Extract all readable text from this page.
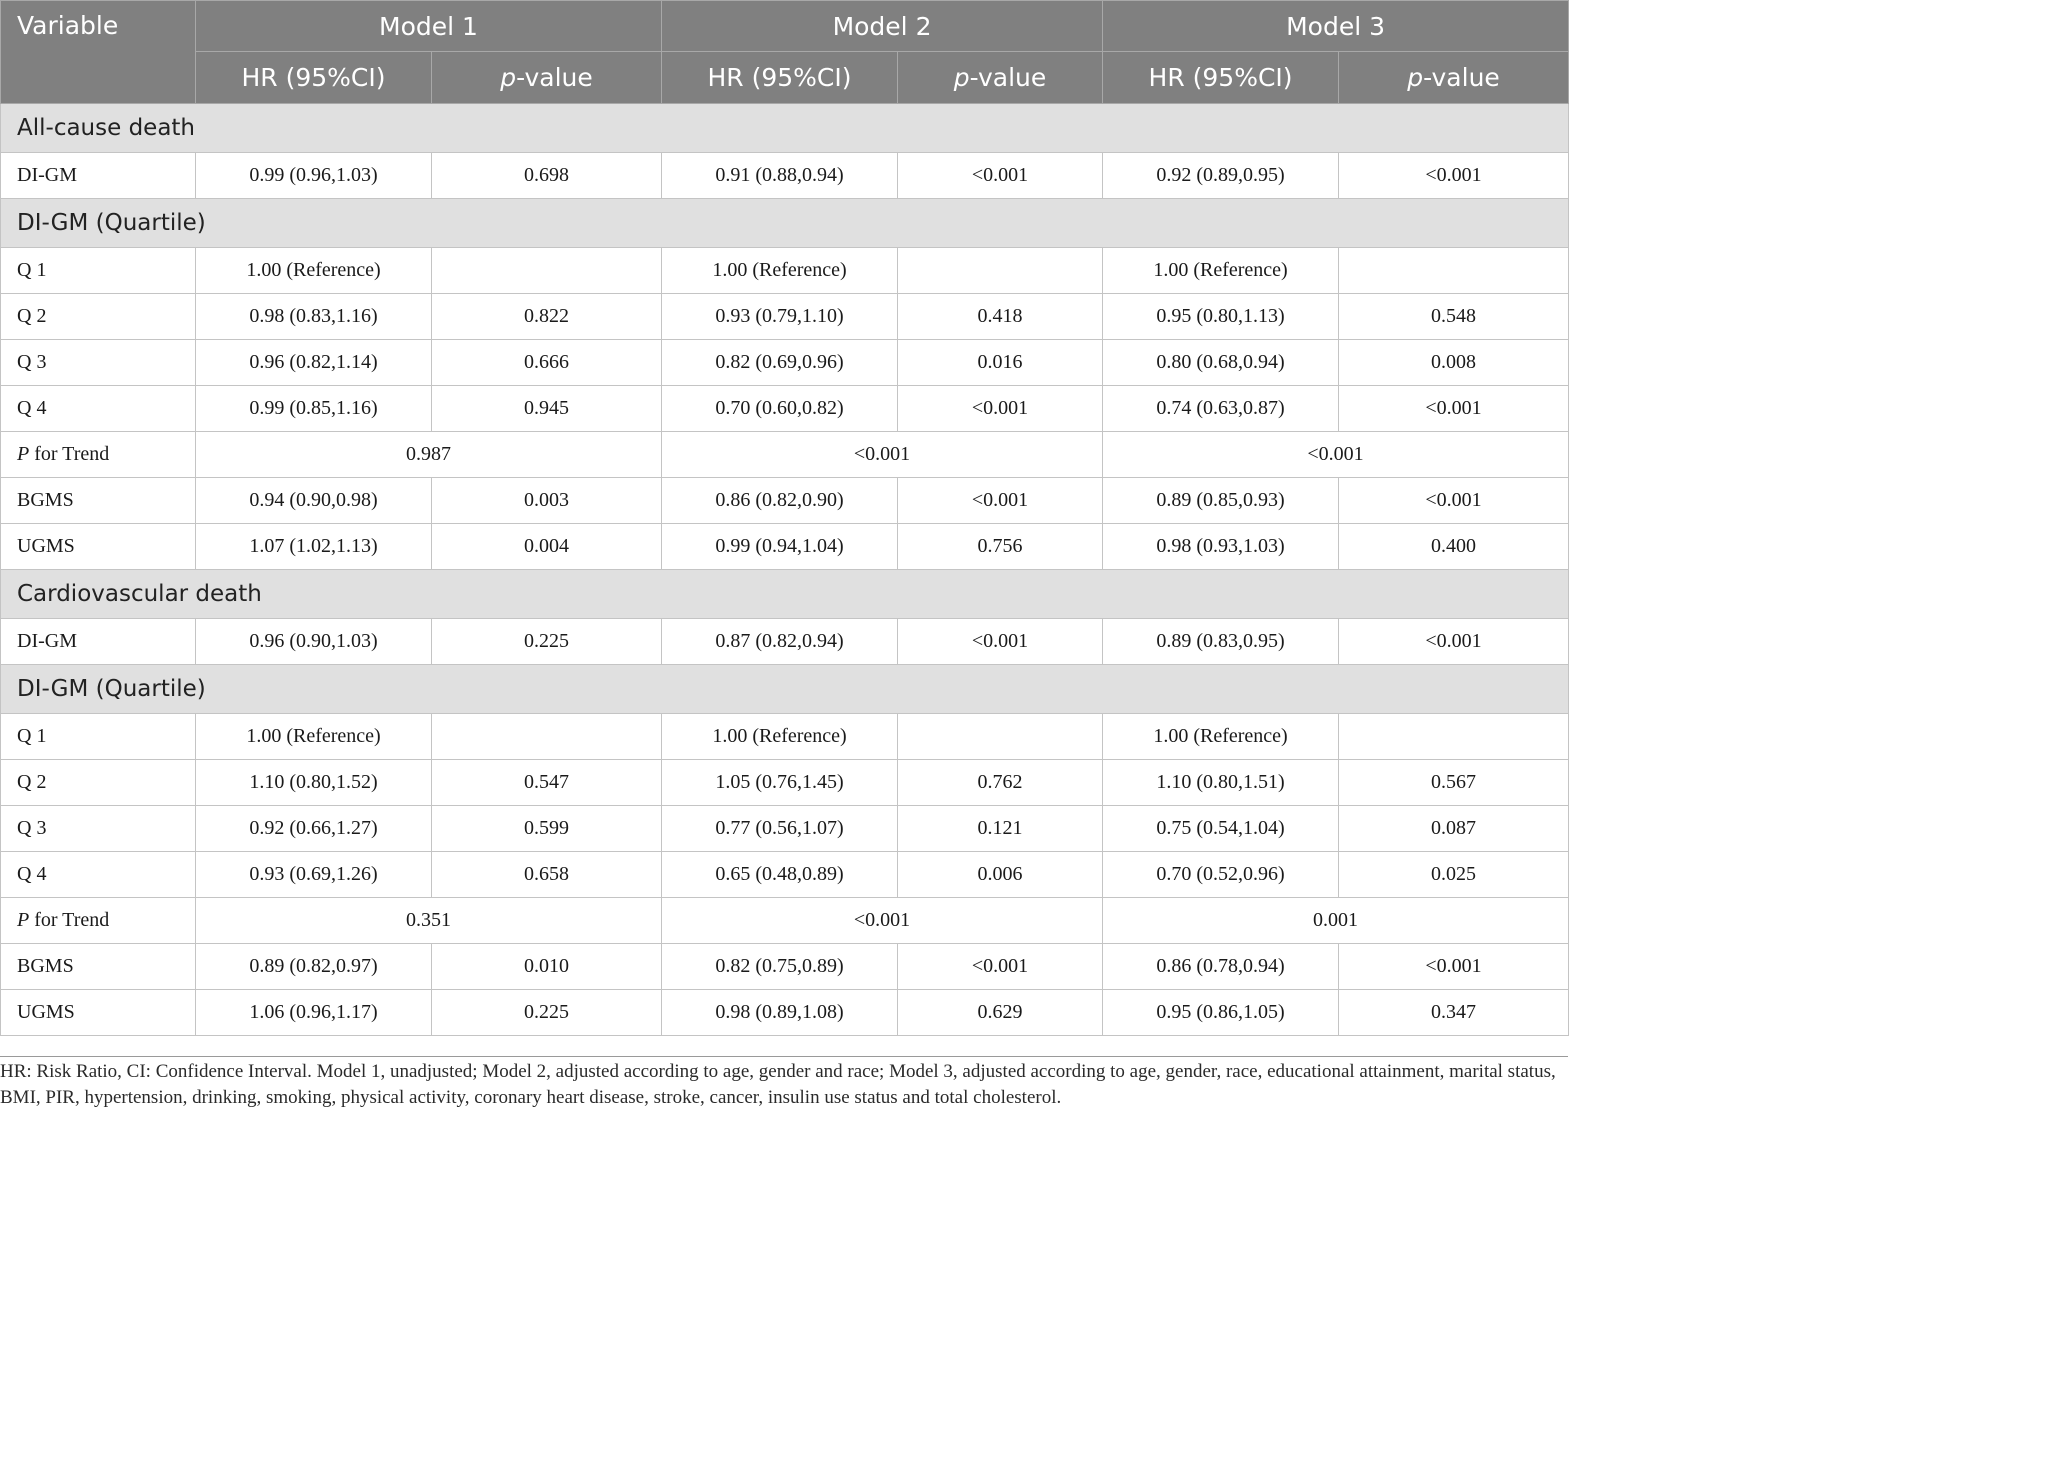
Variable	Model 1		Model 2		Model 3	
	HR (95%CI)	p-value	HR (95%CI)	p-value	HR (95%CI)	p-value
All-cause death						
DI-GM	0.99 (0.96,1.03)	0.698	0.91 (0.88,0.94)	<0.001	0.92 (0.89,0.95)	<0.001
DI-GM (Quartile)						
Q 1	1.00 (Reference)		1.00 (Reference)		1.00 (Reference)	
Q 2	0.98 (0.83,1.16)	0.822	0.93 (0.79,1.10)	0.418	0.95 (0.80,1.13)	0.548
Q 3	0.96 (0.82,1.14)	0.666	0.82 (0.69,0.96)	0.016	0.80 (0.68,0.94)	0.008
Q 4	0.99 (0.85,1.16)	0.945	0.70 (0.60,0.82)	<0.001	0.74 (0.63,0.87)	<0.001
P for Trend	0.987		<0.001		<0.001	
BGMS	0.94 (0.90,0.98)	0.003	0.86 (0.82,0.90)	<0.001	0.89 (0.85,0.93)	<0.001
UGMS	1.07 (1.02,1.13)	0.004	0.99 (0.94,1.04)	0.756	0.98 (0.93,1.03)	0.400
Cardiovascular death						
DI-GM	0.96 (0.90,1.03)	0.225	0.87 (0.82,0.94)	<0.001	0.89 (0.83,0.95)	<0.001
DI-GM (Quartile)						
Q 1	1.00 (Reference)		1.00 (Reference)		1.00 (Reference)	
Q 2	1.10 (0.80,1.52)	0.547	1.05 (0.76,1.45)	0.762	1.10 (0.80,1.51)	0.567
Q 3	0.92 (0.66,1.27)	0.599	0.77 (0.56,1.07)	0.121	0.75 (0.54,1.04)	0.087
Q 4	0.93 (0.69,1.26)	0.658	0.65 (0.48,0.89)	0.006	0.70 (0.52,0.96)	0.025
P for Trend	0.351		<0.001		0.001	
BGMS	0.89 (0.82,0.97)	0.010	0.82 (0.75,0.89)	<0.001	0.86 (0.78,0.94)	<0.001
UGMS	1.06 (0.96,1.17)	0.225	0.98 (0.89,1.08)	0.629	0.95 (0.86,1.05)	0.347
HR: Risk Ratio, CI: Confidence Interval. Model 1, unadjusted; Model 2, adjusted according to age, gender and race; Model 3, adjusted according to age, gender, race, educational attainment, marital status, BMI, PIR, hypertension, drinking, smoking, physical activity, coronary heart disease, stroke, cancer, insulin use status and total cholesterol.
